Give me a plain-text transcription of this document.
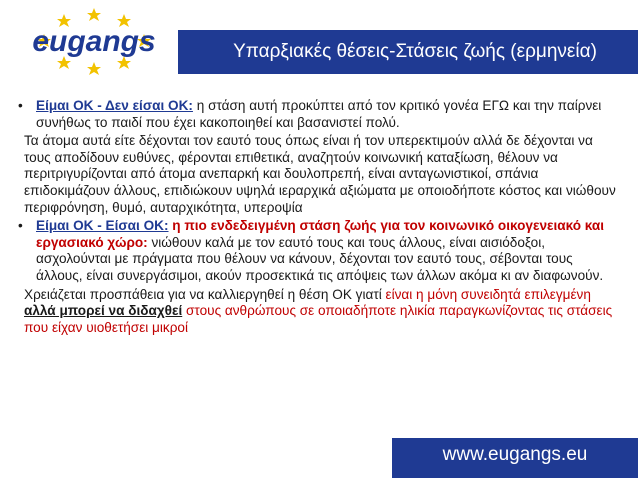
eugangs	Υπαρξιακές θέσεις-Στάσεις ζωής (ερμηνεία)

• Είμαι ΟΚ - Δεν είσαι ΟΚ: η στάση αυτή προκύπτει από τον κριτικό γονέα ΕΓΩ και την παίρνει συνήθως το παιδί που έχει κακοποιηθεί και βασανιστεί πολύ.

Τα άτομα αυτά είτε δέχονται τον εαυτό τους όπως είναι ή τον υπερεκτιμούν αλλά δε δέχονται να τους αποδίδουν ευθύνες, φέρονται επιθετικά, αναζητούν κοινωνική καταξίωση, θέλουν να περιτριγυρίζονται από άτομα ανεπαρκή και δουλοπρεπή, είναι ανταγωνιστικοί, σπάνια επιδοκιμάζουν άλλους, επιδιώκουν υψηλά ιεραρχικά αξιώματα με οποιοδήποτε κόστος και νιώθουν περιφρόνηση, θυμό, αυταρχικότητα, υπεροψία

• Είμαι ΟΚ - Είσαι ΟΚ: η πιο ενδεδειγμένη στάση ζωής για τον κοινωνικό οικογενειακό και εργασιακό χώρο: νιώθουν καλά με τον εαυτό τους και τους άλλους, είναι αισιόδοξοι, ασχολούνται με πράγματα που θέλουν να κάνουν, δέχονται τον εαυτό τους, σέβονται τους άλλους, είναι συνεργάσιμοι, ακούν προσεκτικά τις απόψεις των άλλων ακόμα κι αν διαφωνούν.

Χρειάζεται προσπάθεια για να καλλιεργηθεί η θέση ΟΚ γιατί είναι η μόνη συνειδητά επιλεγμένη αλλά μπορεί να διδαχθεί στους ανθρώπους σε οποιαδήποτε ηλικία παραγκωνίζοντας τις στάσεις που είχαν υιοθετήσει μικροί

www.eugangs.eu
